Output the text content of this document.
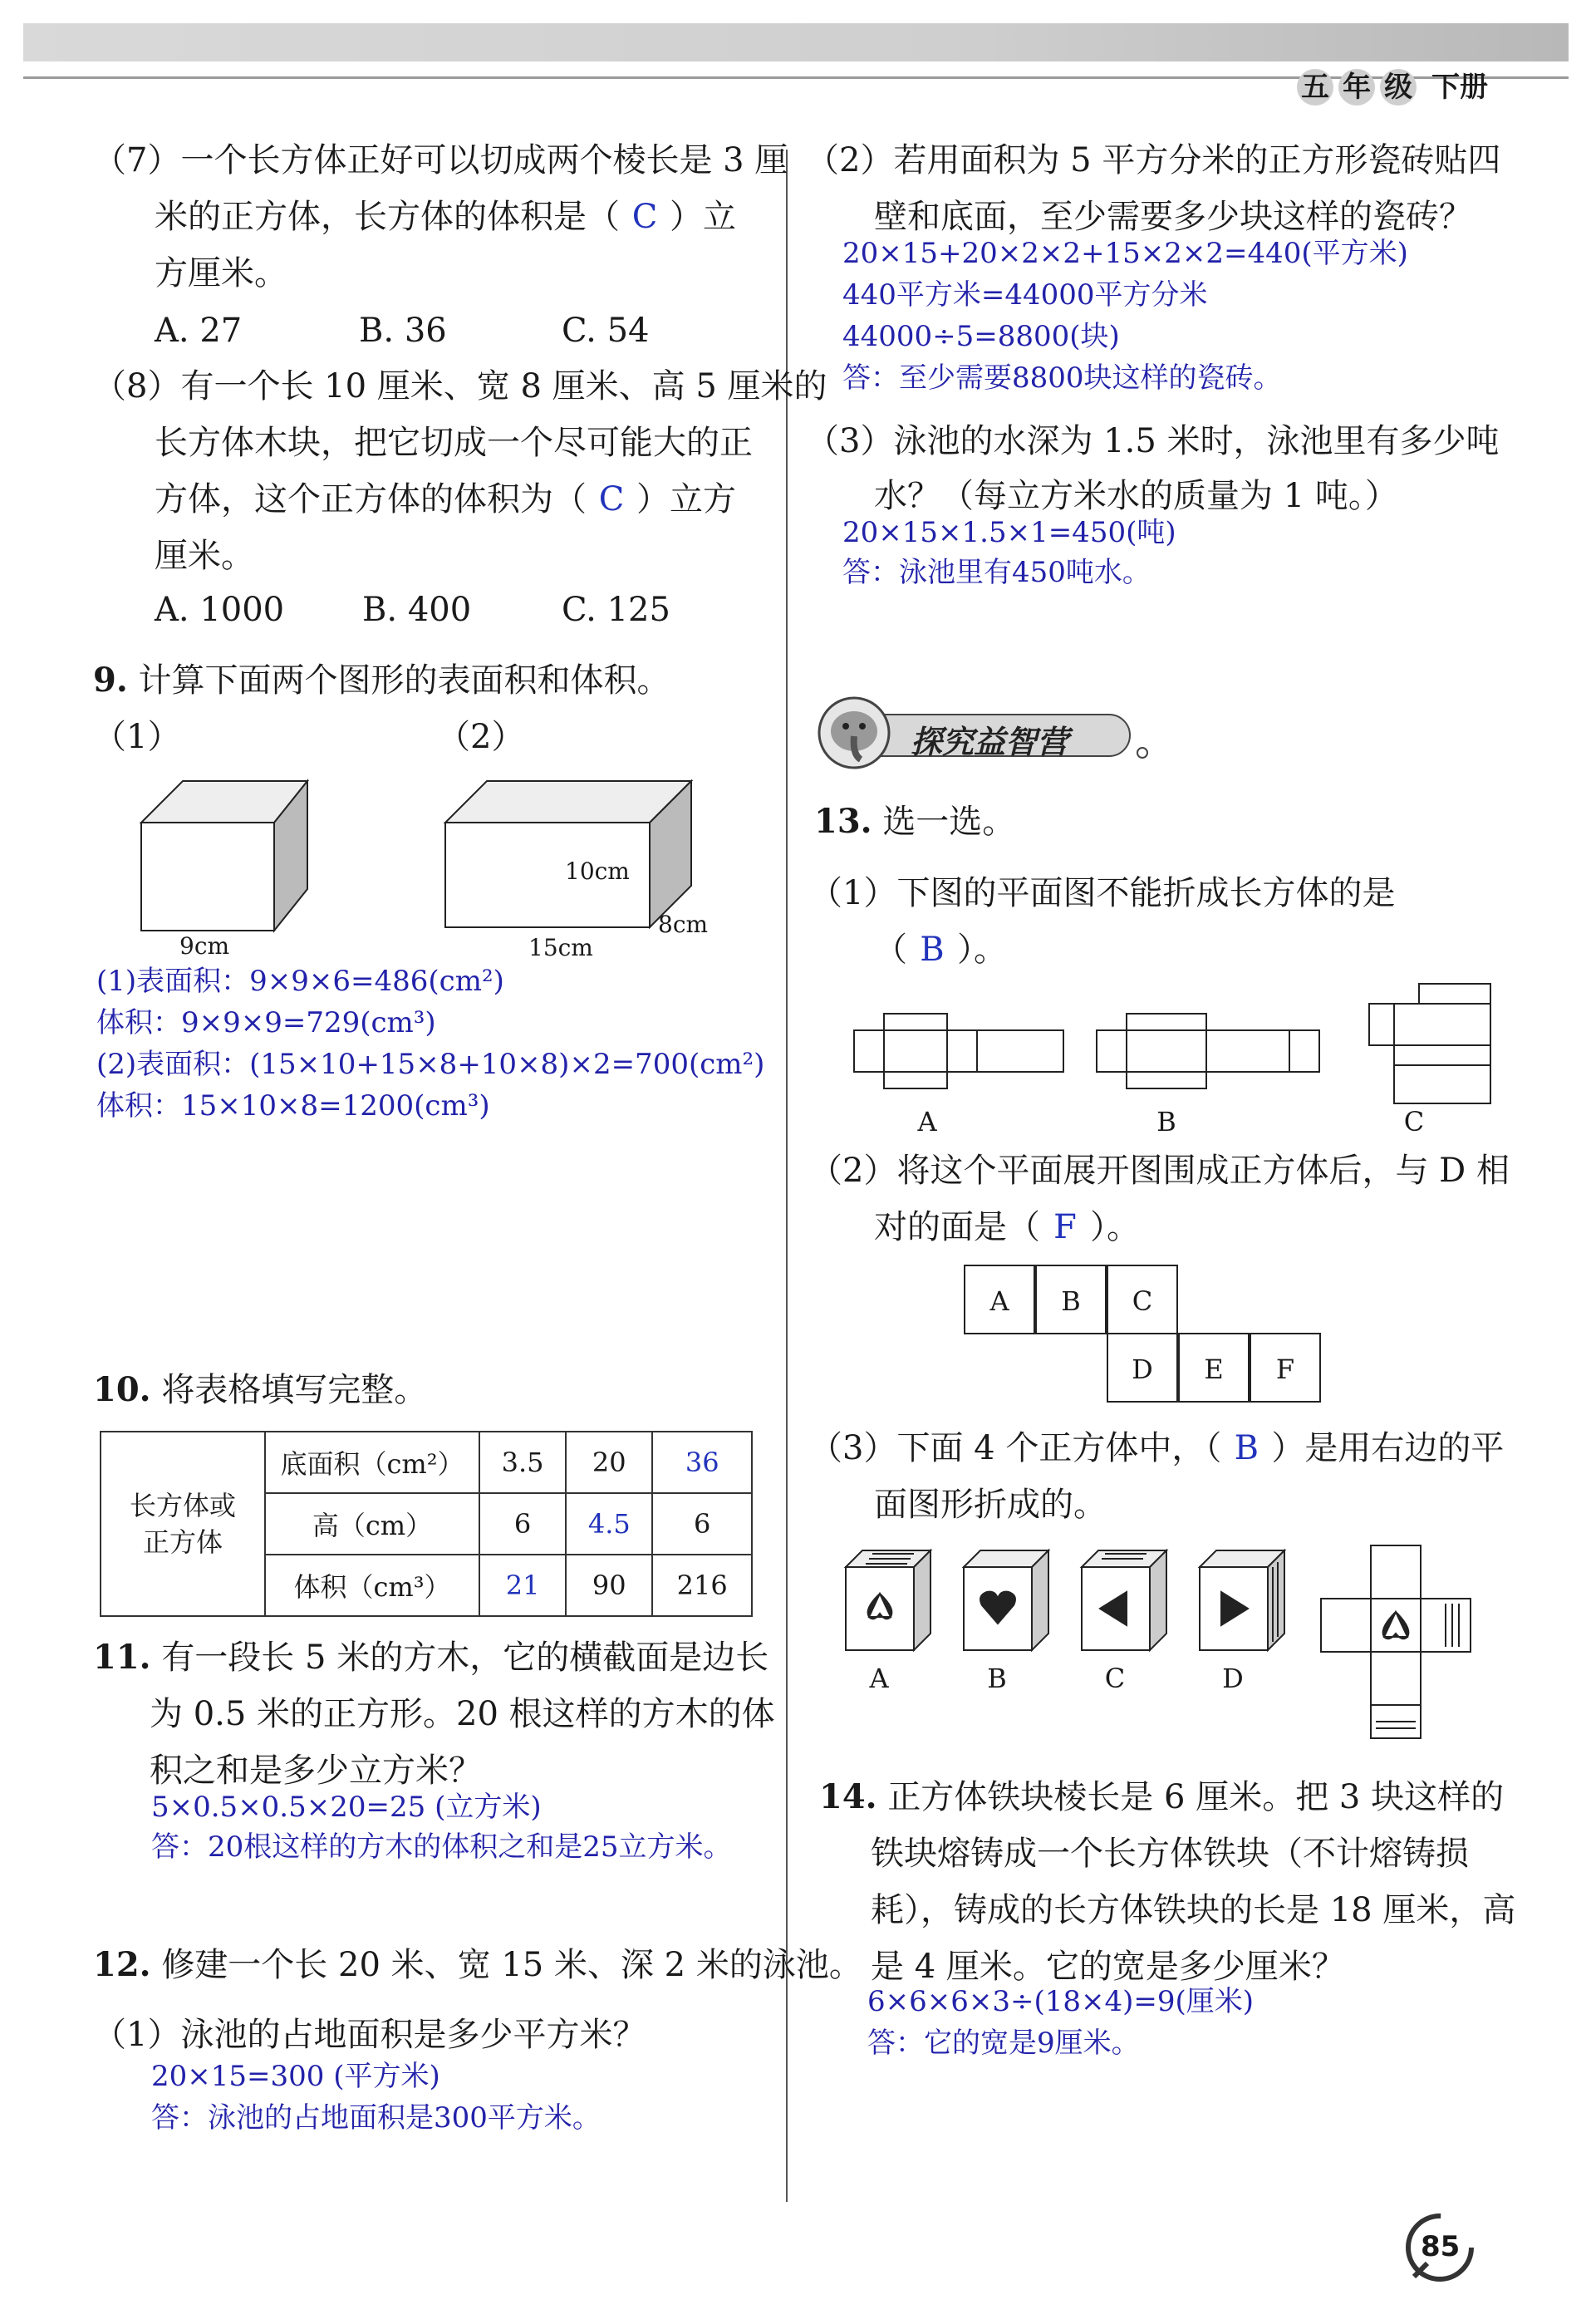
五 年 级 下册
（7）一个长方体正好可以切成两个棱长是 3 厘
米的正方体，长方体的体积是（ C ）立
方厘米。
A. 27	B. 36	C. 54
（8）有一个长 10 厘米、宽 8 厘米、高 5 厘米的
长方体木块，把它切成一个尽可能大的正
方体，这个正方体的体积为（ C ）立方
厘米。
A. 1000 B. 400	C. 125
9. 计算下面两个图形的表面积和体积。
（1）	（2）
9cm
10cm
8cm
15cm
(1)表面积：9×9×6=486(cm²)
体积：9×9×9=729(cm³)
(2)表面积：(15×10+15×8+10×8)×2=700(cm²)
体积：15×10×8=1200(cm³)
10. 将表格填写完整。
长方体或
正方体	底面积（cm²）	3.5	20	36
	高（cm）	6	4.5	6
	体积（cm³）	21	90	216
11. 有一段长 5 米的方木，它的横截面是边长
为 0.5 米的正方形。20 根这样的方木的体
积之和是多少立方米？
5×0.5×0.5×20=25 (立方米)
答：20根这样的方木的体积之和是25立方米。
12. 修建一个长 20 米、宽 15 米、深 2 米的泳池。
（1）泳池的占地面积是多少平方米？
20×15=300 (平方米)
答：泳池的占地面积是300平方米。
（2）若用面积为 5 平方分米的正方形瓷砖贴四
壁和底面，至少需要多少块这样的瓷砖？
20×15+20×2×2+15×2×2=440(平方米)
440平方米=44000平方分米
44000÷5=8800(块)
答：至少需要8800块这样的瓷砖。
（3）泳池的水深为 1.5 米时，泳池里有多少吨
水？（每立方米水的质量为 1 吨。）
20×15×1.5×1=450(吨)
答：泳池里有450吨水。
探究益智营
13. 选一选。
（1）下图的平面图不能折成长方体的是
（ B ）。
A	B	C
（2）将这个平面展开图围成正方体后，与 D 相
对的面是（ F ）。
A	B	C
D	E	F
（3）下面 4 个正方体中，（ B ）是用右边的平
面图形折成的。
A	B	C	D
14. 正方体铁块棱长是 6 厘米。把 3 块这样的
铁块熔铸成一个长方体铁块（不计熔铸损
耗），铸成的长方体铁块的长是 18 厘米，高
是 4 厘米。它的宽是多少厘米？
6×6×6×3÷(18×4)=9(厘米)
答：它的宽是9厘米。
85
